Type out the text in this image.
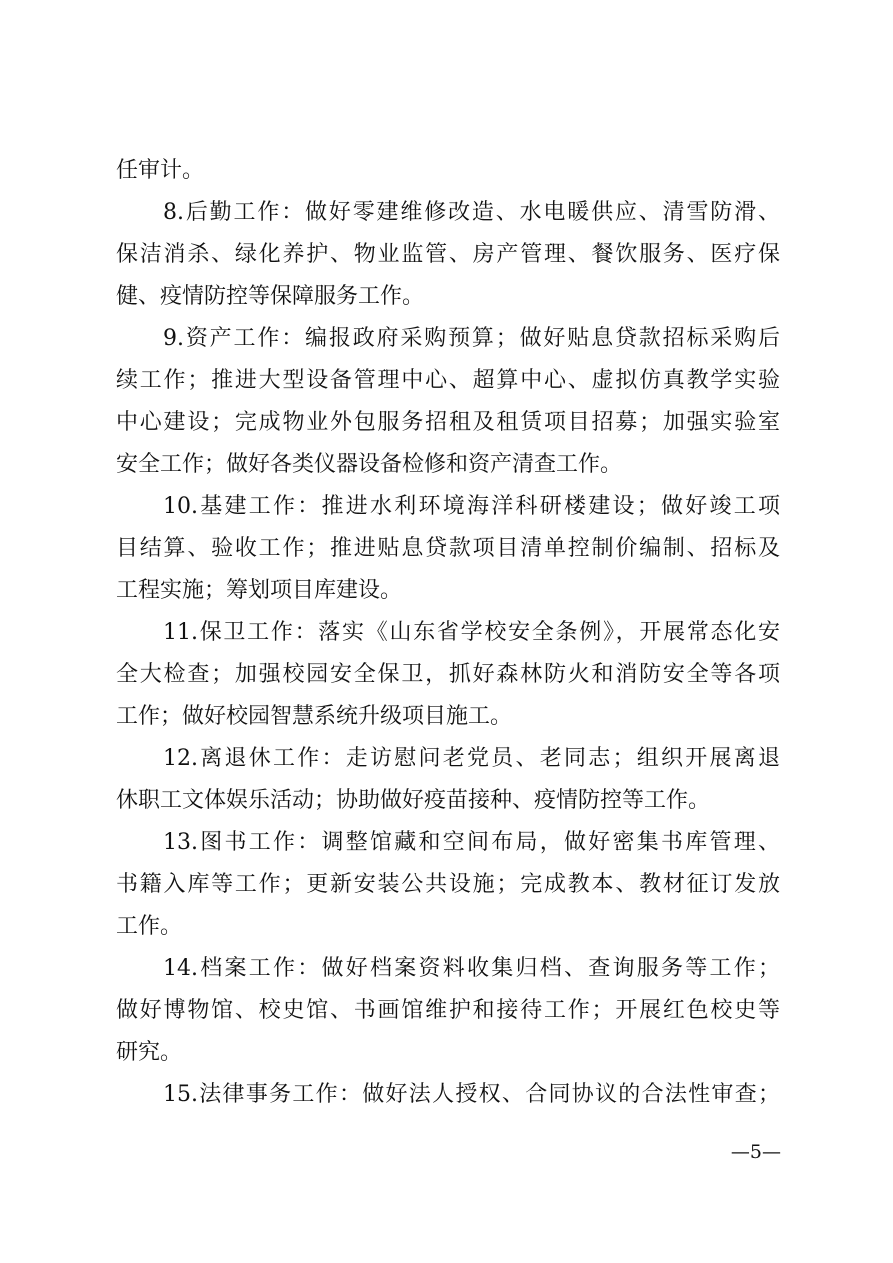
任审计。
8.后勤工作：做好零建维修改造、水电暖供应、清雪防滑、
保洁消杀、绿化养护、物业监管、房产管理、餐饮服务、医疗保
健、疫情防控等保障服务工作。
9.资产工作：编报政府采购预算；做好贴息贷款招标采购后
续工作；推进大型设备管理中心、超算中心、虚拟仿真教学实验
中心建设；完成物业外包服务招租及租赁项目招募；加强实验室
安全工作；做好各类仪器设备检修和资产清查工作。
10.基建工作：推进水利环境海洋科研楼建设；做好竣工项
目结算、验收工作；推进贴息贷款项目清单控制价编制、招标及
工程实施；筹划项目库建设。
11.保卫工作：落实《山东省学校安全条例》，开展常态化安
全大检查；加强校园安全保卫，抓好森林防火和消防安全等各项
工作；做好校园智慧系统升级项目施工。
12.离退休工作：走访慰问老党员、老同志；组织开展离退
休职工文体娱乐活动；协助做好疫苗接种、疫情防控等工作。
13.图书工作：调整馆藏和空间布局，做好密集书库管理、
书籍入库等工作；更新安装公共设施；完成教本、教材征订发放
工作。
14.档案工作：做好档案资料收集归档、查询服务等工作；
做好博物馆、校史馆、书画馆维护和接待工作；开展红色校史等
研究。
15.法律事务工作：做好法人授权、合同协议的合法性审查；
—5—
